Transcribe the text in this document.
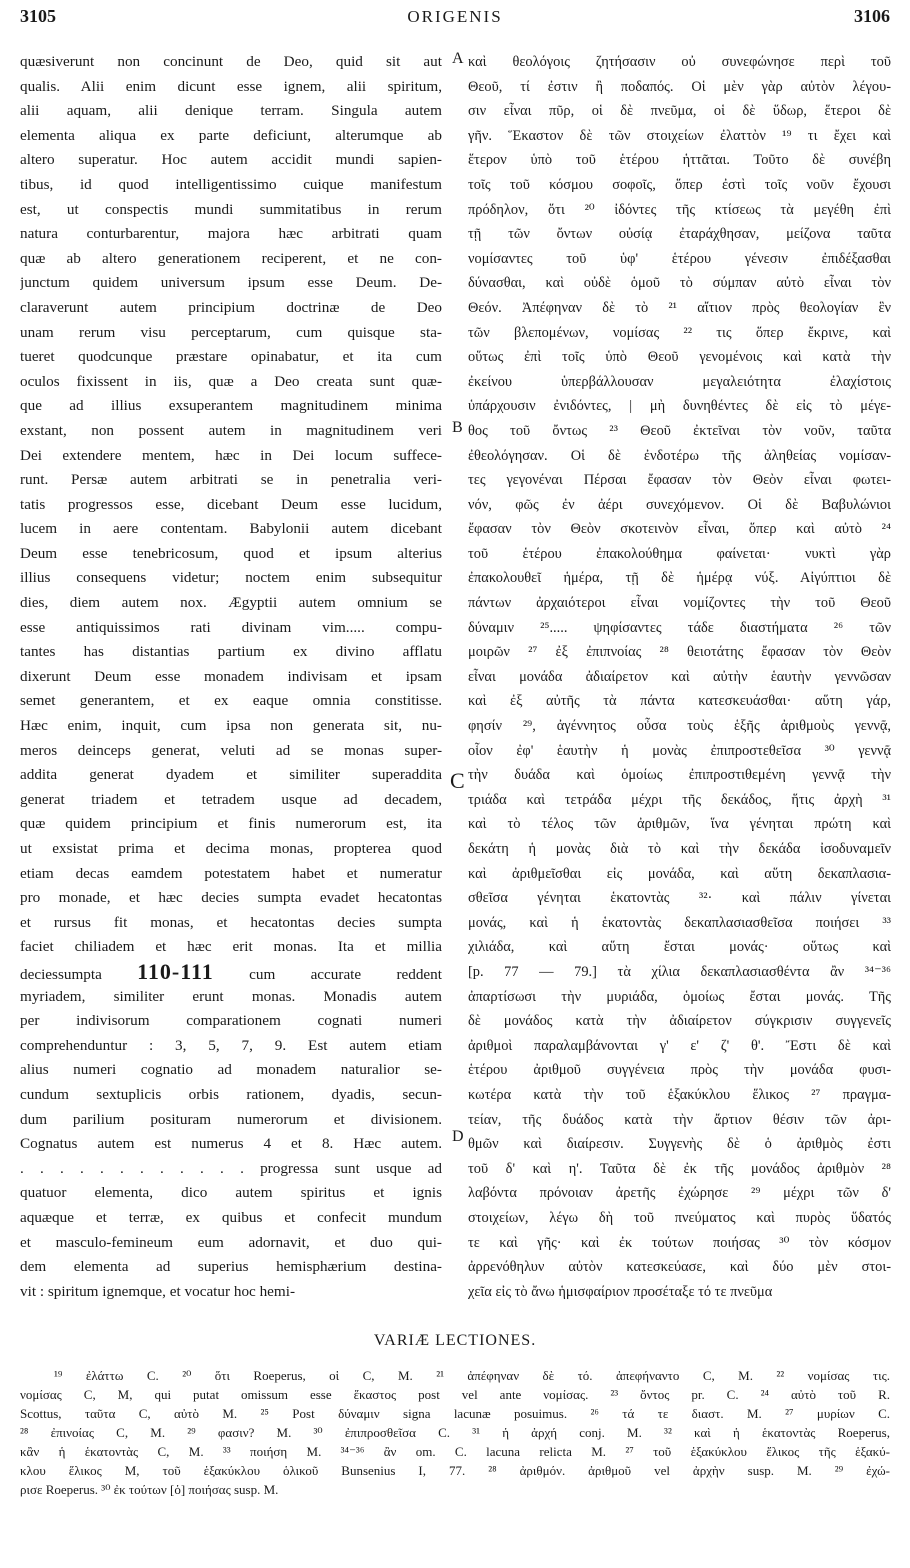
3105	ORIGENIS	3106
quæsiverunt non concinunt de Deo, quid sit aut
qualis. Alii enim dicunt esse ignem, alii spiritum,
alii aquam, alii denique terram. Singula autem
elementa aliqua ex parte deficiunt, alterumque ab
altero superatur. Hoc autem accidit mundi sapien-
tibus, id quod intelligentissimo cuique manifestum
est, ut conspectis mundi summitatibus in rerum
natura conturbarentur, majora hæc arbitrati quam
quæ ab altero generationem reciperent, et ne con-
junctum quidem universum ipsum esse Deum. De-
claraverunt autem principium doctrinæ de Deo
unam rerum visu perceptarum, cum quisque sta-
tueret quodcunque præstare opinabatur, et ita cum
oculos fixissent in iis, quæ a Deo creata sunt quæ-
que ad illius exsuperantem magnitudinem minima
exstant, non possent autem in magnitudinem veri
Dei extendere mentem, hæc in Dei locum suffece-
runt. Persæ autem arbitrati se in penetralia veri-
tatis progressos esse, dicebant Deum esse lucidum,
lucem in aere contentam. Babylonii autem dicebant
Deum esse tenebricosum, quod et ipsum alterius
illius consequens videtur; noctem enim subsequitur
dies, diem autem nox. Ægyptii autem omnium se
esse antiquissimos rati divinam vim..... compu-
tantes has distantias partium ex divino afflatu
dixerunt Deum esse monadem indivisam et ipsam
semet generantem, et ex eaque omnia constitisse.
Hæc enim, inquit, cum ipsa non generata sit, nu-
meros deinceps generat, veluti ad se monas super-
addita generat dyadem et similiter superaddita
generat triadem et tetradem usque ad decadem,
quæ quidem principium et finis numerorum est, ita
ut exsistat prima et decima monas, propterea quod
etiam decas eamdem potestatem habet et numeratur
pro monade, et hæc decies sumpta evadet hecatontas
et rursus fit monas, et hecatontas decies sumpta
faciet chiliadem et hæc erit monas. Ita et millia
deciessumpta 110-111 cum accurate reddent
myriadem, similiter erunt monas. Monadis autem
per indivisorum comparationem cognati numeri
comprehenduntur : 3, 5, 7, 9. Est autem etiam
alius numeri cognatio ad monadem naturalior se-
cundum sextuplicis orbis rationem, dyadis, secun-
dum parilium posituram numerorum et divisionem.
Cognatus autem est numerus 4 et 8. Hæc autem.
. . . . . . . . . . . . progressa sunt usque ad
quatuor elementa, dico autem spiritus et ignis
aquæque et terræ, ex quibus et confecit mundum
et masculo-femineum eum adornavit, et duo qui-
dem elementa ad superius hemisphærium destina-
vit : spiritum ignemque, et vocatur hoc hemi-
καὶ θεολόγοις ζητήσασιν οὐ συνεφώνησε περὶ τοῦ
Θεοῦ, τί ἐστιν ἢ ποδαπός. Οἱ μὲν γὰρ αὐτὸν λέγου-
σιν εἶναι πῦρ, οἱ δὲ πνεῦμα, οἱ δὲ ὕδωρ, ἕτεροι δὲ
γῆν. Ἕκαστον δὲ τῶν στοιχείων ἐλαττὸν ¹⁹ τι ἔχει καὶ
ἕτερον ὑπὸ τοῦ ἑτέρου ἡττᾶται. Τοῦτο δὲ συνέβη
τοῖς τοῦ κόσμου σοφοῖς, ὅπερ ἐστὶ τοῖς νοῦν ἔχουσι
πρόδηλον, ὅτι ²⁰ ἰδόντες τῆς κτίσεως τὰ μεγέθη ἐπὶ
τῇ τῶν ὄντων οὐσίᾳ ἐταράχθησαν, μείζονα ταῦτα
νομίσαντες τοῦ ὑφ' ἑτέρου γένεσιν ἐπιδέξασθαι
δύνασθαι, καὶ οὐδὲ ὁμοῦ τὸ σύμπαν αὐτὸ εἶναι τὸν
Θεόν. Ἀπέφηναν δὲ τὸ ²¹ αἴτιον πρὸς θεολογίαν ἓν
τῶν βλεπομένων, νομίσας ²² τις ὅπερ ἔκρινε, καὶ
οὕτως ἐπὶ τοῖς ὑπὸ Θεοῦ γενομένοις καὶ κατὰ τὴν
ἐκείνου ὑπερβάλλουσαν μεγαλειότητα ἐλαχίστοις
ὑπάρχουσιν ἐνιδόντες, | μὴ δυνηθέντες δὲ εἰς τὸ μέγε-
θος τοῦ ὄντως ²³ Θεοῦ ἐκτεῖναι τὸν νοῦν, ταῦτα
ἐθεολόγησαν. Οἱ δὲ ἐνδοτέρω τῆς ἀληθείας νομίσαν-
τες γεγονέναι Πέρσαι ἔφασαν τὸν Θεὸν εἶναι φωτει-
νόν, φῶς ἐν ἀέρι συνεχόμενον. Οἱ δὲ Βαβυλώνιοι
ἔφασαν τὸν Θεὸν σκοτεινὸν εἶναι, ὅπερ καὶ αὐτὸ ²⁴
τοῦ ἑτέρου ἐπακολούθημα φαίνεται· νυκτὶ γὰρ
ἐπακολουθεῖ ἡμέρα, τῇ δὲ ἡμέρᾳ νύξ. Αἰγύπτιοι δὲ
πάντων ἀρχαιότεροι εἶναι νομίζοντες τὴν τοῦ Θεοῦ
δύναμιν ²⁵..... ψηφίσαντες τάδε διαστήματα ²⁶ τῶν
μοιρῶν ²⁷ ἐξ ἐπιπνοίας ²⁸ θειοτάτης ἔφασαν τὸν Θεὸν
εἶναι μονάδα ἀδιαίρετον καὶ αὐτὴν ἑαυτὴν γεννῶσαν
καὶ ἐξ αὐτῆς τὰ πάντα κατεσκευάσθαι· αὕτη γάρ,
φησίν ²⁹, ἀγέννητος οὖσα τοὺς ἑξῆς ἀριθμοὺς γεννᾷ,
οἷον ἐφ' ἑαυτὴν ἡ μονὰς ἐπιπροστεθεῖσα ³⁰ γεννᾷ
τὴν δυάδα καὶ ὁμοίως ἐπιπροστιθεμένη γεννᾷ τὴν
τριάδα καὶ τετράδα μέχρι τῆς δεκάδος, ἥτις ἀρχὴ ³¹
καὶ τὸ τέλος τῶν ἀριθμῶν, ἵνα γένηται πρώτη καὶ
δεκάτη ἡ μονὰς διὰ τὸ καὶ τὴν δεκάδα ἰσοδυναμεῖν
καὶ ἀριθμεῖσθαι εἰς μονάδα, καὶ αὕτη δεκαπλασια-
σθεῖσα γένηται ἑκατοντὰς ³²· καὶ πάλιν γίνεται
μονάς, καὶ ἡ ἑκατοντὰς δεκαπλασιασθεῖσα ποιήσει ³³
χιλιάδα, καὶ αὕτη ἔσται μονάς· οὕτως καὶ
[p. 77 — 79.] τὰ χίλια δεκαπλασιασθέντα ἂν ³⁴⁻³⁶
ἀπαρτίσωσι τὴν μυριάδα, ὁμοίως ἔσται μονάς. Τῆς
δὲ μονάδος κατὰ τὴν ἀδιαίρετον σύγκρισιν συγγενεῖς
ἀριθμοὶ παραλαμβάνονται γ' ε' ζ' θ'. Ἔστι δὲ καὶ
ἑτέρου ἀριθμοῦ συγγένεια πρὸς τὴν μονάδα φυσι-
κωτέρα κατὰ τὴν τοῦ ἑξακύκλου ἕλικος ²⁷ πραγμα-
τείαν, τῆς δυάδος κατὰ τὴν ἄρτιον θέσιν τῶν ἀρι-
θμῶν καὶ διαίρεσιν. Συγγενὴς δὲ ὁ ἀριθμὸς ἐστι
τοῦ δ' καὶ η'. Ταῦτα δὲ ἐκ τῆς μονάδος ἀριθμὸν ²⁸
λαβόντα πρόνοιαν ἀρετῆς ἐχώρησε ²⁹ μέχρι τῶν δ'
στοιχείων, λέγω δὴ τοῦ πνεύματος καὶ πυρὸς ὕδατός
τε καὶ γῆς· καὶ ἐκ τούτων ποιήσας ³⁰ τὸν κόσμον
ἀρρενόθηλυν αὐτὸν κατεσκεύασε, καὶ δύο μὲν στοι-
χεῖα εἰς τὸ ἄνω ἡμισφαίριον προσέταξε τό τε πνεῦμα
A
B
C
D
VARIÆ LECTIONES.
¹⁹ ἐλάττω C. ²⁰ ὅτι Roeperus, οἱ C, M. ²¹ ἀπέφηναν δὲ τό. ἀπεφήναντο C, M. ²² νομίσας τις.
νομίσας C, M, qui putat omissum esse ἕκαστος post vel ante νομίσας. ²³ ὄντος pr. C. ²⁴ αὐτὸ τοῦ R.
Scottus, ταῦτα C, αὐτὸ M. ²⁵ Post δύναμιν signa lacunæ posuimus. ²⁶ τά τε διαστ. M. ²⁷ μυρίων C.
²⁸ ἐπινοίας C, M. ²⁹ φασιν? M. ³⁰ ἐπιπροσθεῖσα C. ³¹ ἡ ἀρχή conj. M. ³² καὶ ἡ ἑκατοντὰς Roeperus,
κἂν ἡ ἑκατοντὰς C, M. ³³ ποιήση M. ³⁴⁻³⁶ ἂν om. C. lacuna relicta M. ²⁷ τοῦ ἑξακύκλου ἕλικος τῆς ἑξακύ-
κλου ἕλικος M, τοῦ ἑξακύκλου ὁλικοῦ Bunsenius I, 77. ²⁸ ἀριθμόν. ἀριθμοῦ vel ἀρχὴν susp. M. ²⁹ ἐχώ-
ρισε Roeperus. ³⁰ ἐκ τούτων [ὁ] ποιήσας susp. M.
